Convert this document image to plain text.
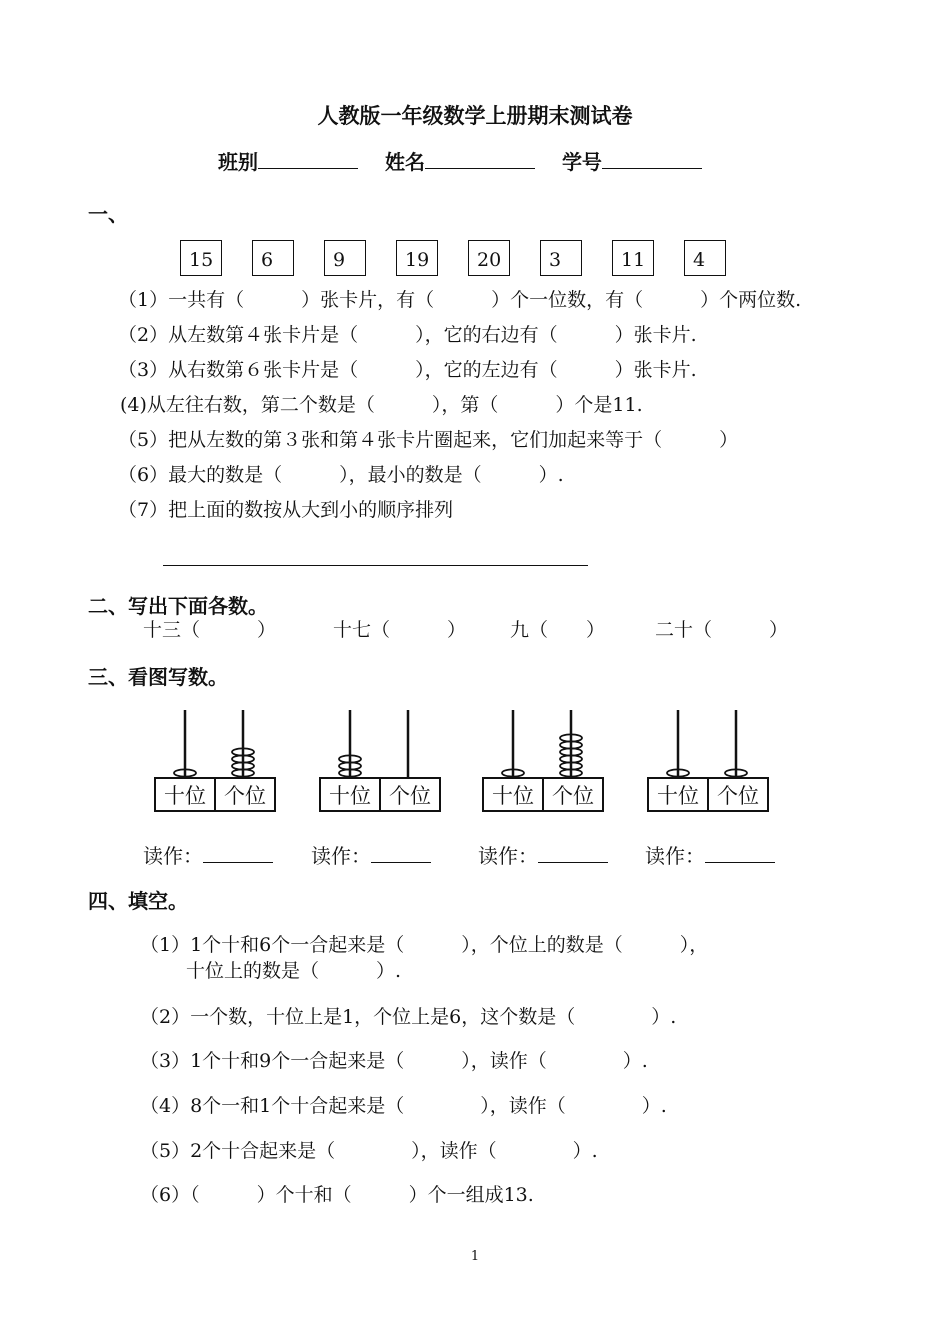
人教版一年级数学上册期末测试卷
班别	姓名	学号
一、
15	6	9	19	20	3	11	4
（1）一共有（　　　）张卡片，有（　　　）个一位数，有（　　　）个两位数.
（2）从左数第４张卡片是（　　　），它的右边有（　　　）张卡片.
（3）从右数第６张卡片是（　　　），它的左边有（　　　）张卡片.
(4)从左往右数，第二个数是（　　　），第（　　　）个是11.
（5）把从左数的第３张和第４张卡片圈起来，它们加起来等于（　　　）
（6）最大的数是（　　　），最小的数是（　　　）.
（7）把上面的数按从大到小的顺序排列
二、写出下面各数。
十三（　　　）	十七（　　　） 九（　　）	二十（　　　）
三、看图写数。
十位 个位	十位 个位	十位 个位	十位 个位
读作：	读作：	读作：	读作：
四、填空。
（1）1个十和6个一合起来是（　　　），个位上的数是（　　　），
十位上的数是（　　　）.
（2）一个数，十位上是1，个位上是6，这个数是（　　　　）.
（3）1个十和9个一合起来是（　　　），读作（　　　　）.
（4）8个一和1个十合起来是（　　　　），读作（　　　　）.
（5）2个十合起来是（　　　　），读作（　　　　）.
（6）（　　　）个十和（　　　）个一组成13.
1
